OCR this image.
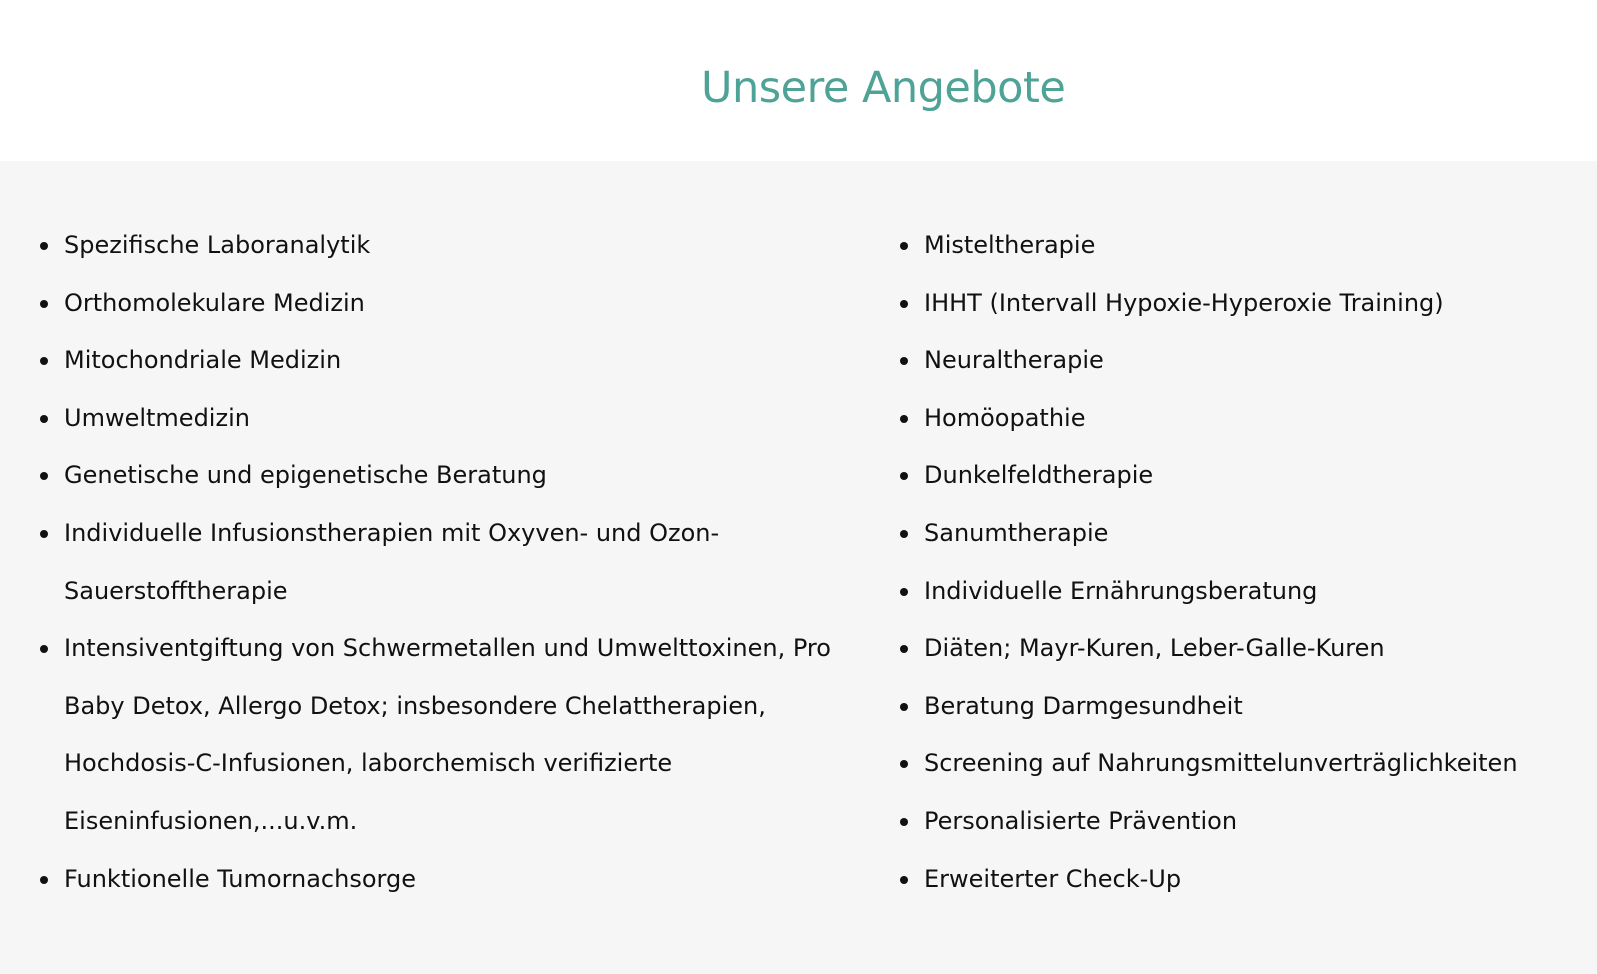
Unsere Angebote
Spezifische Laboranalytik
Orthomolekulare Medizin
Mitochondriale Medizin
Umweltmedizin
Genetische und epigenetische Beratung
Individuelle Infusionstherapien mit Oxyven- und Ozon-
Sauerstofftherapie
Intensiventgiftung von Schwermetallen und Umwelttoxinen, Pro
Baby Detox, Allergo Detox; insbesondere Chelattherapien,
Hochdosis-C-Infusionen, laborchemisch verifizierte
Eiseninfusionen,...u.v.m.
Funktionelle Tumornachsorge
Misteltherapie
IHHT (Intervall Hypoxie-Hyperoxie Training)
Neuraltherapie
Homöopathie
Dunkelfeldtherapie
Sanumtherapie
Individuelle Ernährungsberatung
Diäten; Mayr-Kuren, Leber-Galle-Kuren
Beratung Darmgesundheit
Screening auf Nahrungsmittelunverträglichkeiten
Personalisierte Prävention
Erweiterter Check-Up
